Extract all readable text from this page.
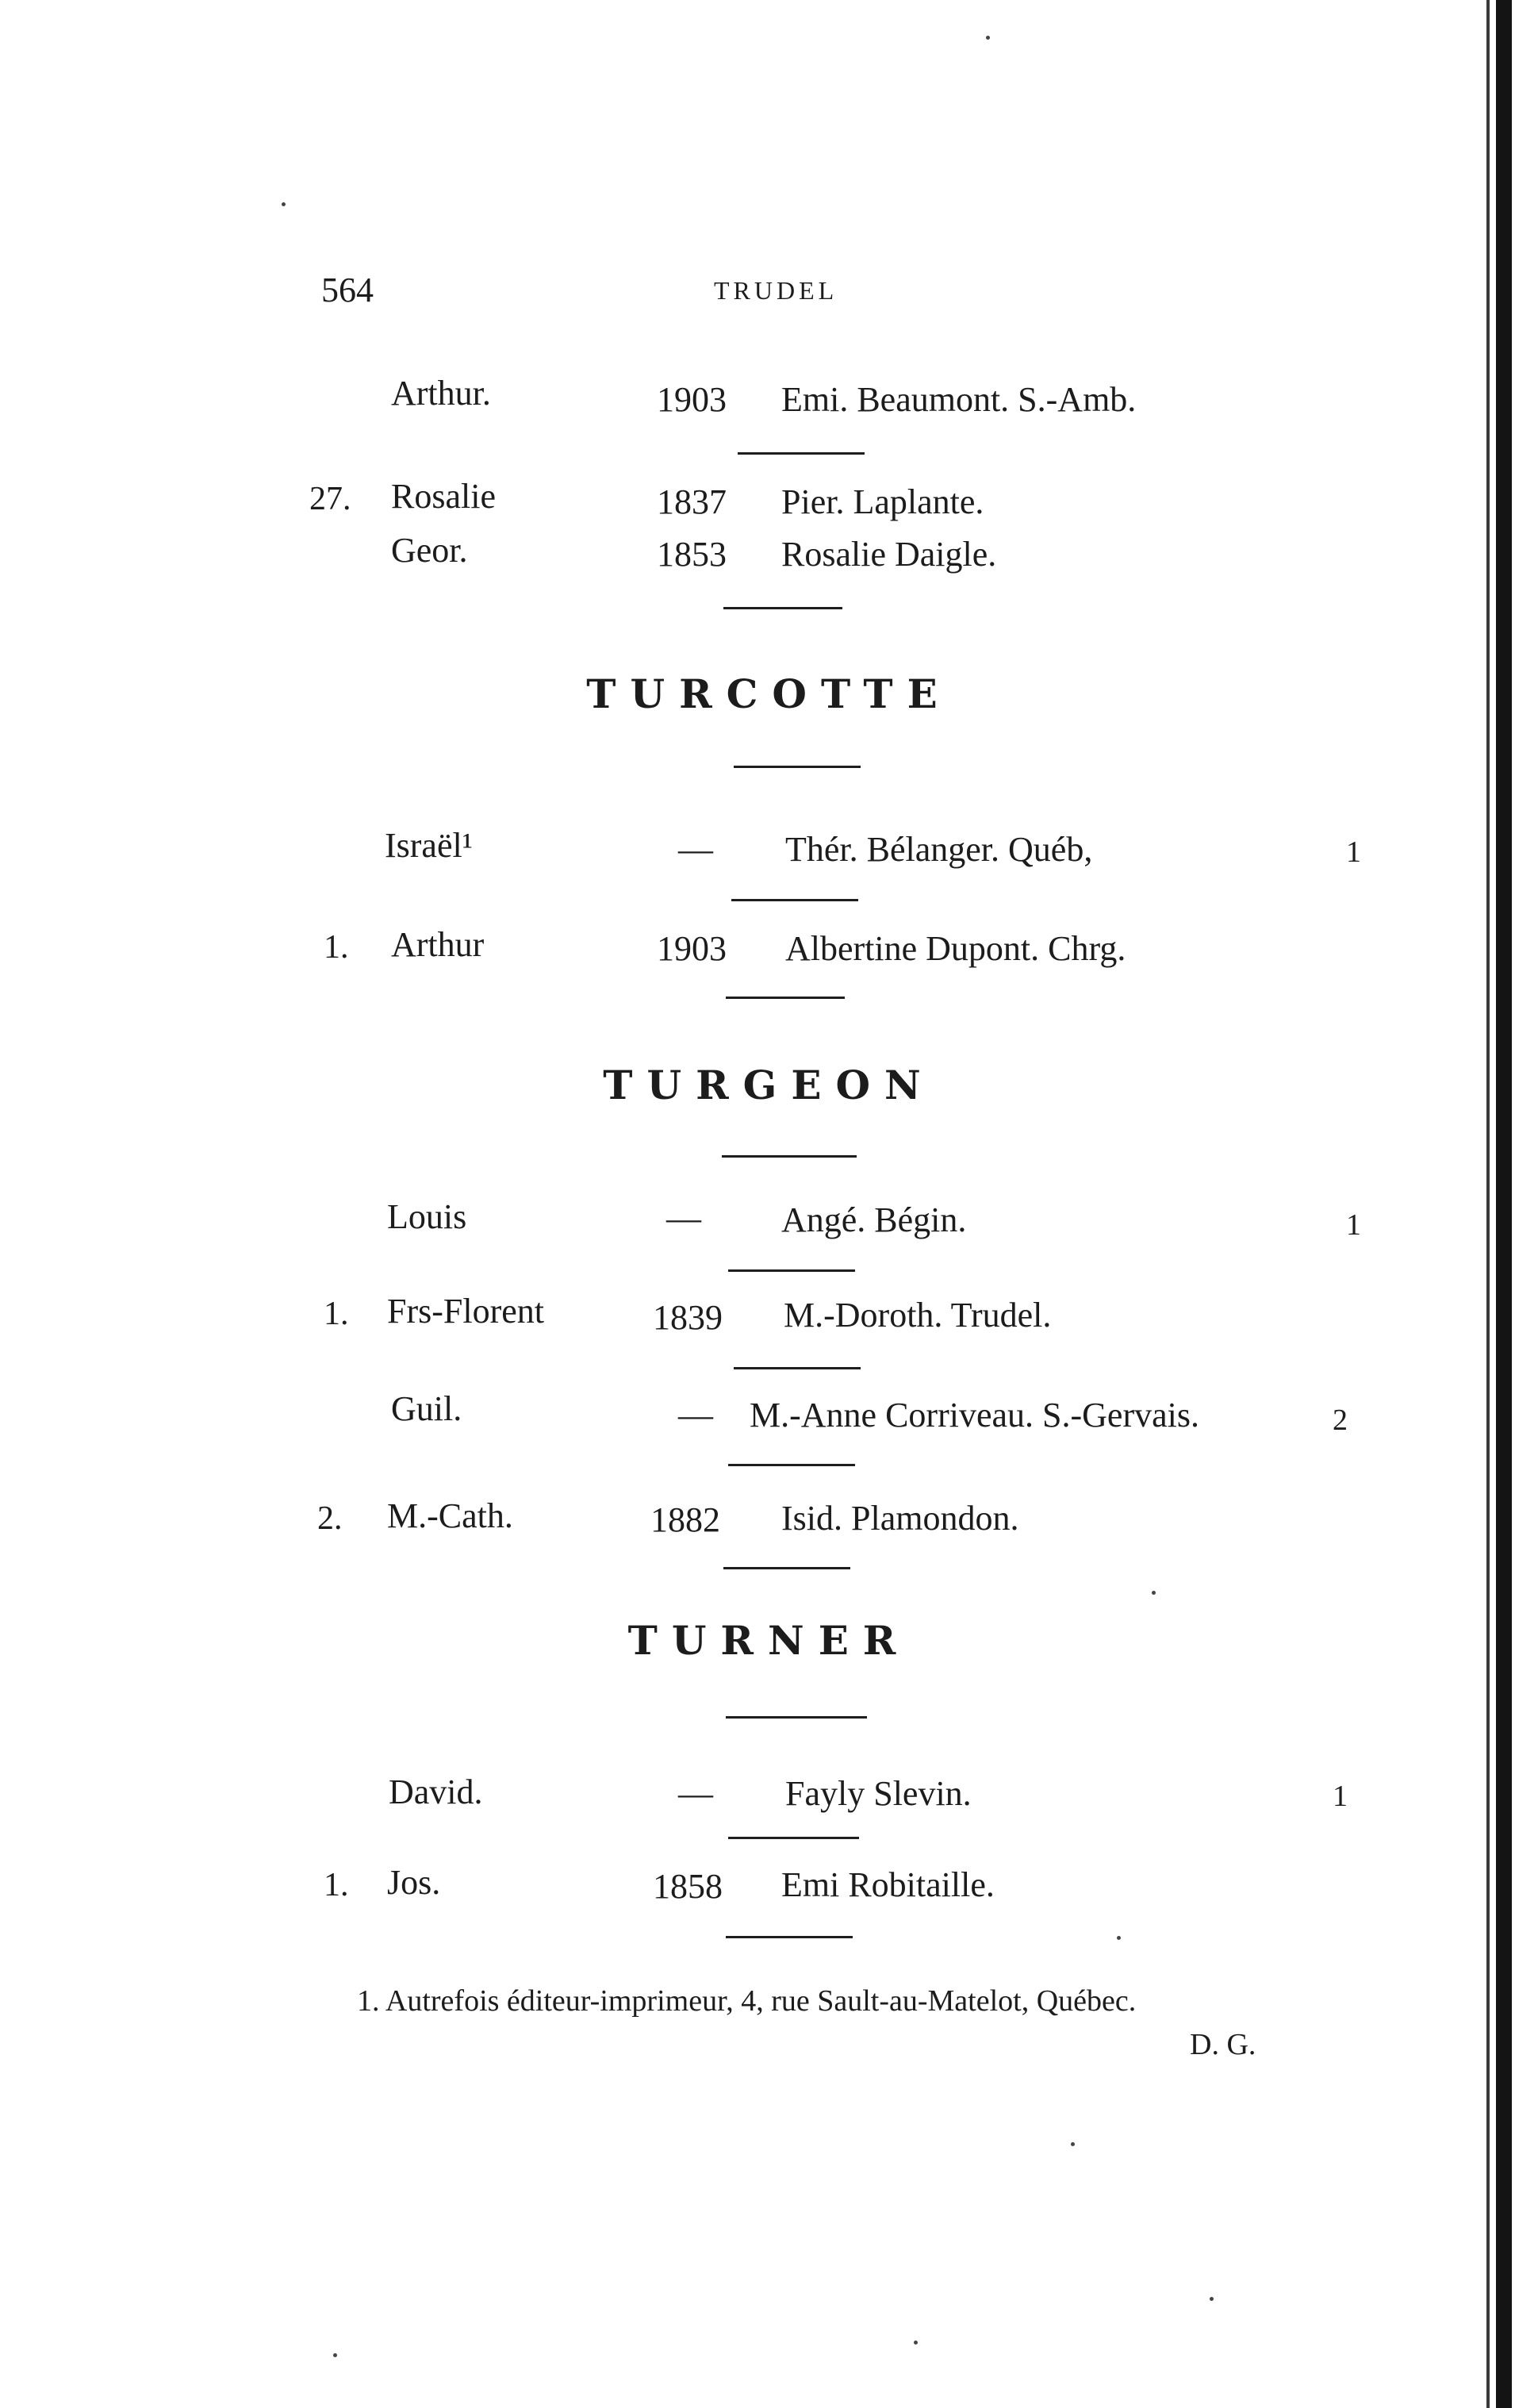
564	TRUDEL
Arthur.	1903 Emi. Beaumont. S.-Amb.
27. Rosalie	1837 Pier. Laplante.
Geor.	1853 Rosalie Daigle.
TURCOTTE
Israël¹	— Thér. Bélanger. Québ,	1
1. Arthur	1903 Albertine Dupont. Chrg.
TURGEON
Louis	— Angé. Bégin.	1
1. Frs-Florent	1839 M.-Doroth. Trudel.
Guil.	— M.-Anne Corriveau. S.-Gervais.	2
2. M.-Cath.	1882 Isid. Plamondon.
TURNER
David.	— Fayly Slevin.	1
1. Jos.	1858 Emi Robitaille.
1. Autrefois éditeur-imprimeur, 4, rue Sault-au-Matelot, Québec.
D. G.
